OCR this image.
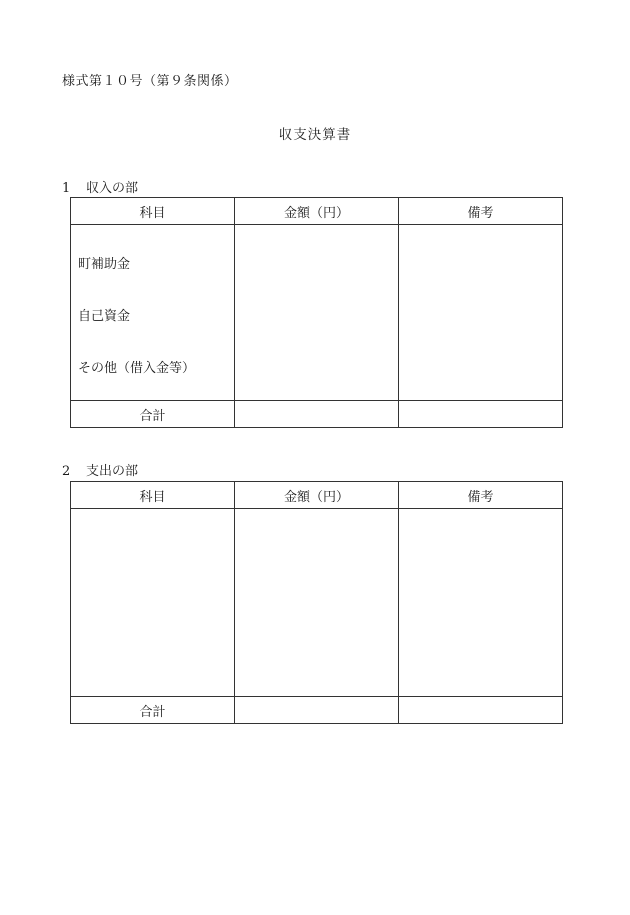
様式第１０号（第９条関係）
収支決算書
1 収入の部
科目	金額（円）	備考

町補助金
自己資金
その他（借入金等）		

合計		
2 支出の部
科目	金額（円）	備考

合計		
